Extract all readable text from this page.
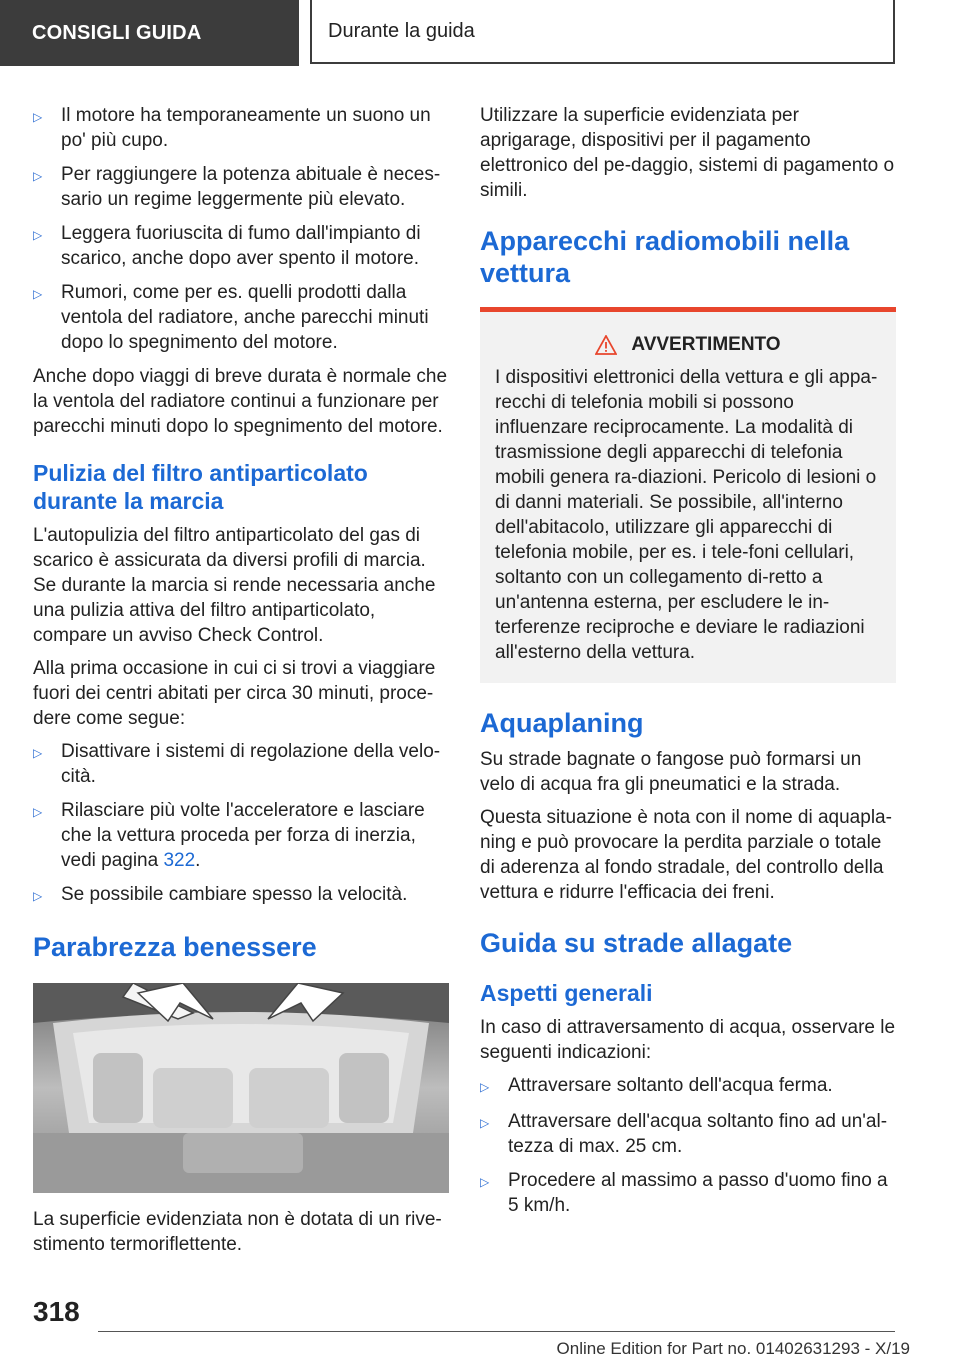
CONSIGLI GUIDA	Durante la guida
▷ Il motore ha temporaneamente un suono un po' più cupo.
▷ Per raggiungere la potenza abituale è neces-sario un regime leggermente più elevato.
▷ Leggera fuoriuscita di fumo dall'impianto di scarico, anche dopo aver spento il motore.
▷ Rumori, come per es. quelli prodotti dalla ventola del radiatore, anche parecchi minuti dopo lo spegnimento del motore.

Anche dopo viaggi di breve durata è normale che la ventola del radiatore continui a funzionare per parecchi minuti dopo lo spegnimento del motore.

Pulizia del filtro antiparticolato durante la marcia

L'autopulizia del filtro antiparticolato del gas di scarico è assicurata da diversi profili di marcia. Se durante la marcia si rende necessaria anche una pulizia attiva del filtro antiparticolato, compare un avviso Check Control.

Alla prima occasione in cui ci si trovi a viaggiare fuori dei centri abitati per circa 30 minuti, proce-dere come segue:

▷ Disattivare i sistemi di regolazione della velo-cità.
▷ Rilasciare più volte l'acceleratore e lasciare che la vettura proceda per forza di inerzia, vedi pagina 322.
▷ Se possibile cambiare spesso la velocità.
Parabrezza benessere

La superficie evidenziata non è dotata di un rive-stimento termoriflettente.

Utilizzare la superficie evidenziata per aprigarage, dispositivi per il pagamento elettronico del pe-daggio, sistemi di pagamento o simili.

Apparecchi radiomobili nella vettura
AVVERTIMENTO
I dispositivi elettronici della vettura e gli appa-recchi di telefonia mobili si possono influenzare reciprocamente. La modalità di trasmissione degli apparecchi di telefonia mobili genera ra-diazioni. Pericolo di lesioni o di danni materiali. Se possibile, all'interno dell'abitacolo, utilizzare gli apparecchi di telefonia mobile, per es. i tele-foni cellulari, soltanto con un collegamento di-retto a un'antenna esterna, per escludere le in-terferenze reciproche e deviare le radiazioni all'esterno della vettura.
Aquaplaning

Su strade bagnate o fangose può formarsi un velo di acqua fra gli pneumatici e la strada.

Questa situazione è nota con il nome di aquapla-ning e può provocare la perdita parziale o totale di aderenza al fondo stradale, del controllo della vettura e ridurre l'efficacia dei freni.

Guida su strade allagate
Aspetti generali

In caso di attraversamento di acqua, osservare le seguenti indicazioni:

▷ Attraversare soltanto dell'acqua ferma.
▷ Attraversare dell'acqua soltanto fino ad un'al-tezza di max. 25 cm.
▷ Procedere al massimo a passo d'uomo fino a 5 km/h.
318
Online Edition for Part no. 01402631293 - X/19
